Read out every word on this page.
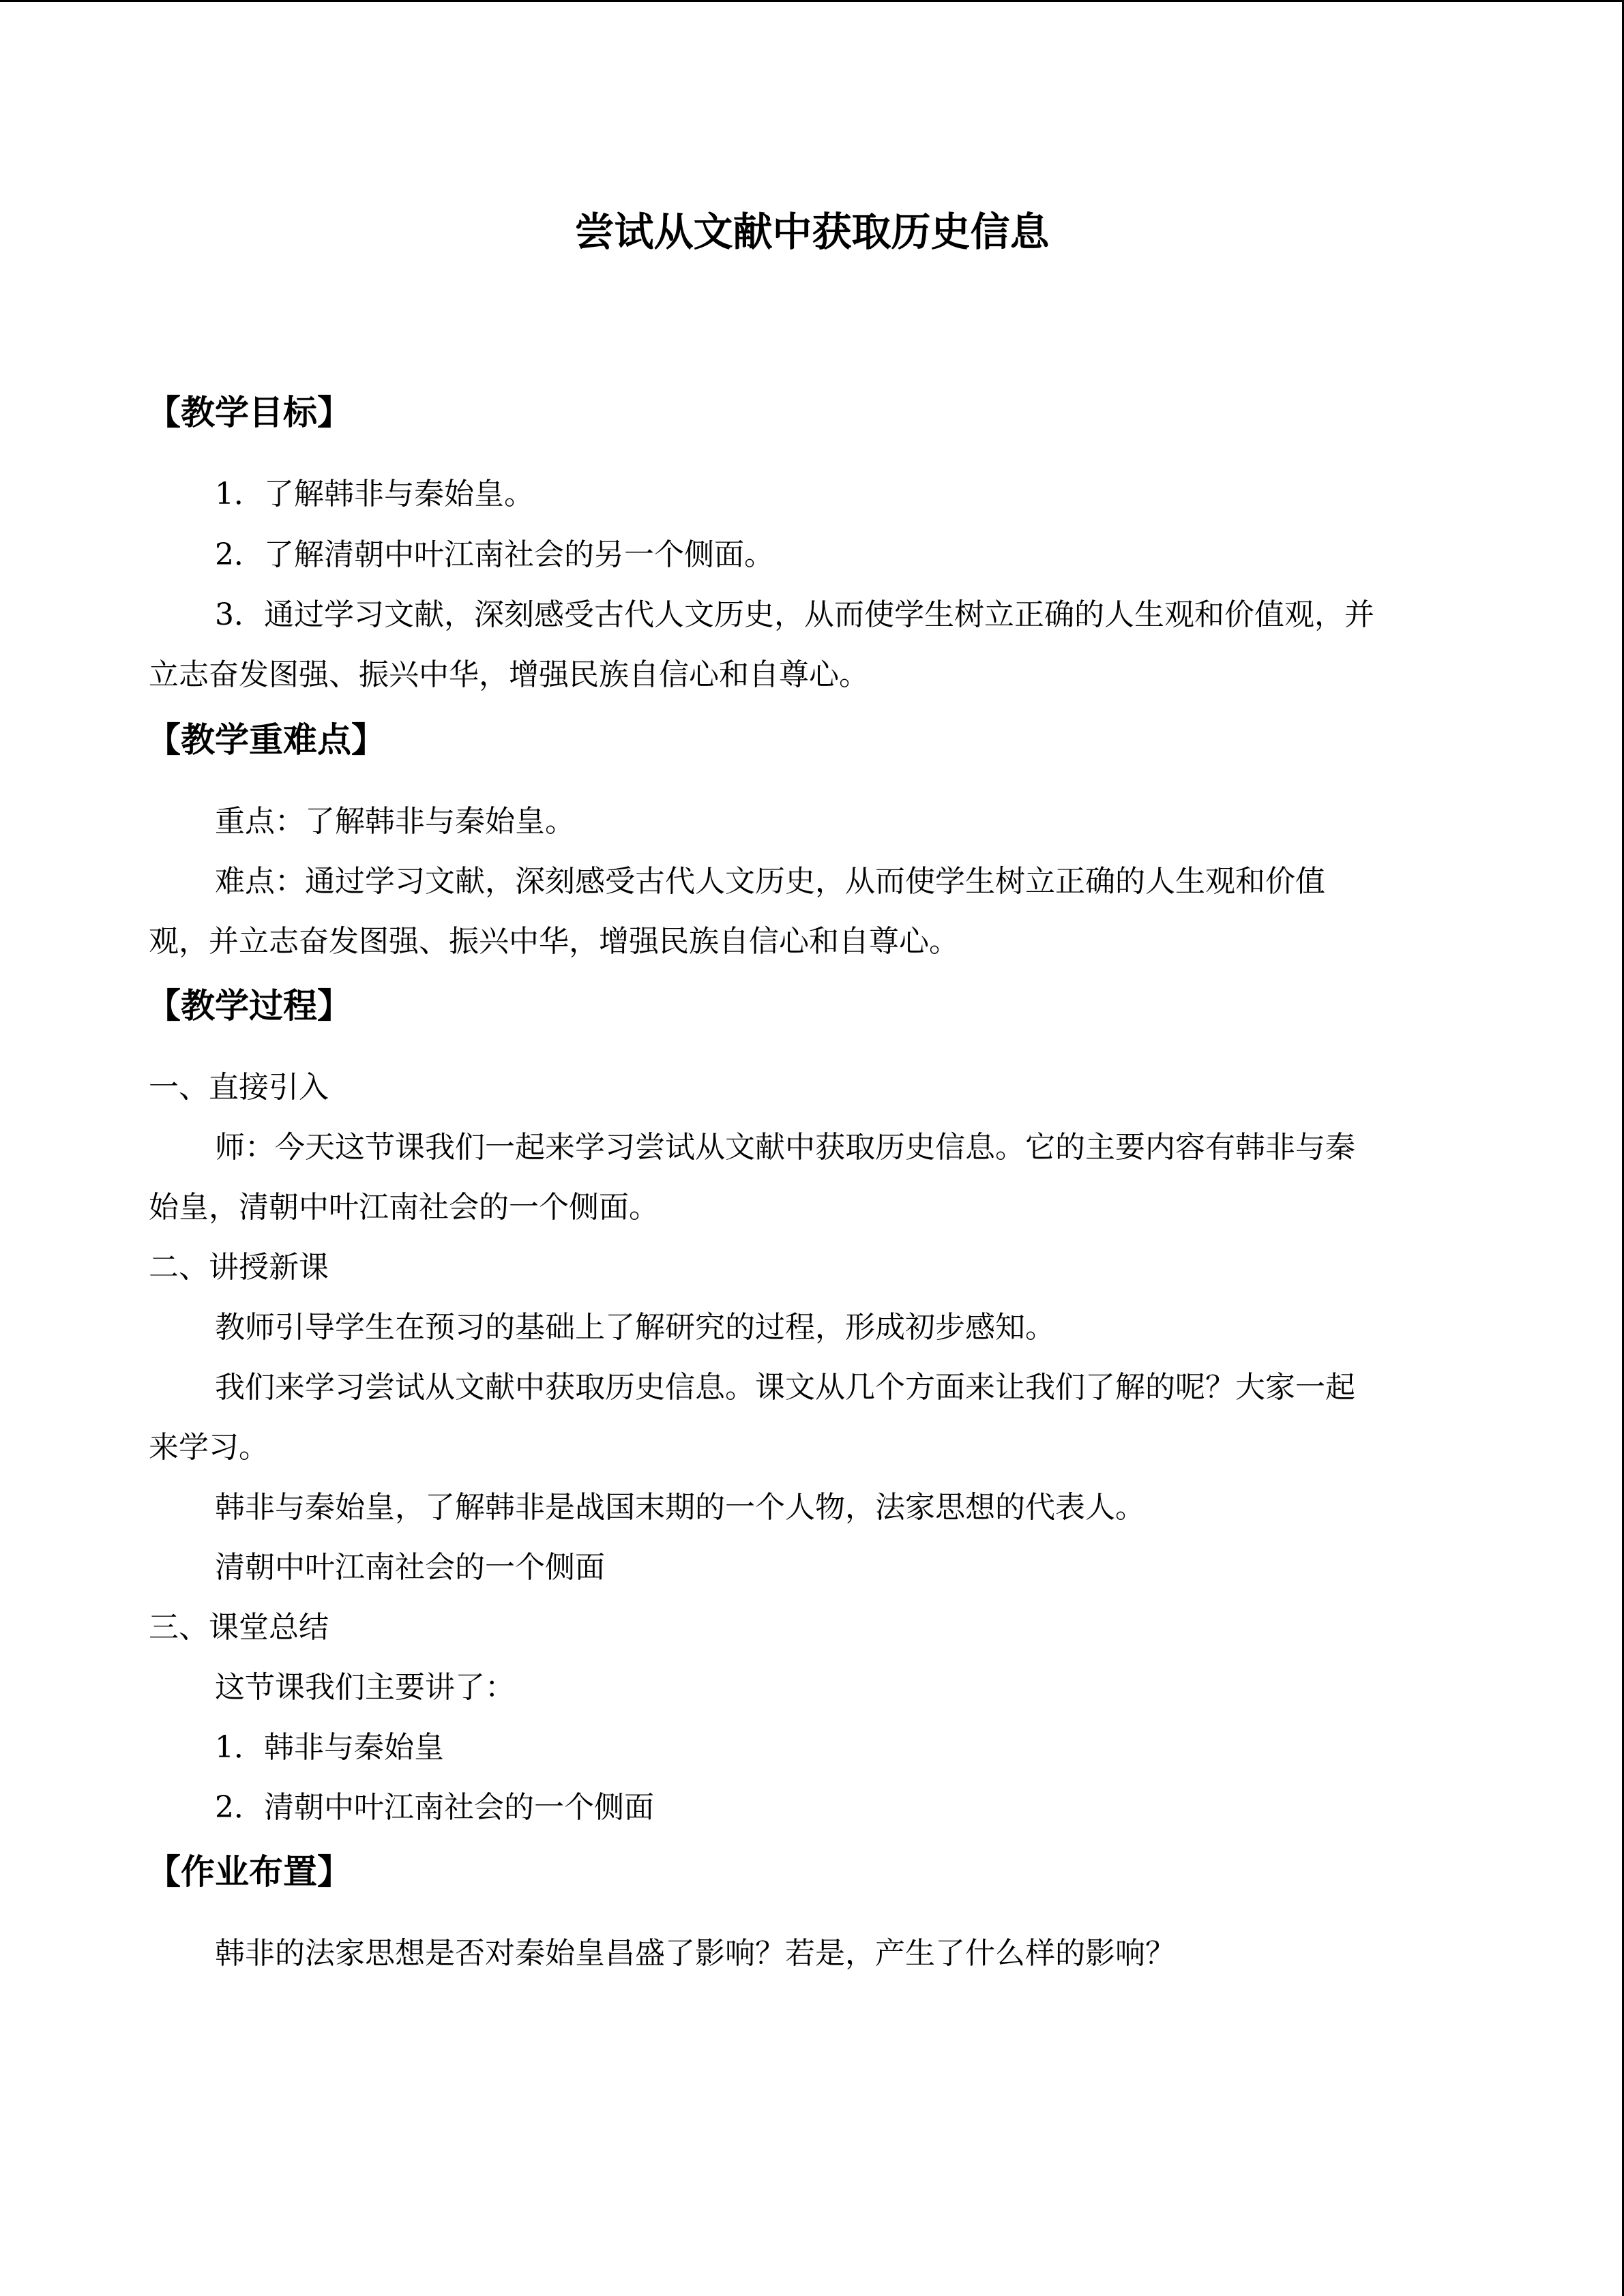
尝试从文献中获取历史信息
【教学目标】

1．了解韩非与秦始皇。

2．了解清朝中叶江南社会的另一个侧面。

3．通过学习文献，深刻感受古代人文历史，从而使学生树立正确的人生观和价值观，并

立志奋发图强、振兴中华，增强民族自信心和自尊心。

【教学重难点】

重点：了解韩非与秦始皇。

难点：通过学习文献，深刻感受古代人文历史，从而使学生树立正确的人生观和价值

观，并立志奋发图强、振兴中华，增强民族自信心和自尊心。

【教学过程】

一、直接引入

师：今天这节课我们一起来学习尝试从文献中获取历史信息。它的主要内容有韩非与秦

始皇，清朝中叶江南社会的一个侧面。

二、讲授新课

教师引导学生在预习的基础上了解研究的过程，形成初步感知。

我们来学习尝试从文献中获取历史信息。课文从几个方面来让我们了解的呢？大家一起

来学习。

韩非与秦始皇，了解韩非是战国末期的一个人物，法家思想的代表人。

清朝中叶江南社会的一个侧面

三、课堂总结

这节课我们主要讲了：

1．韩非与秦始皇

2．清朝中叶江南社会的一个侧面

【作业布置】

韩非的法家思想是否对秦始皇昌盛了影响？若是，产生了什么样的影响？
